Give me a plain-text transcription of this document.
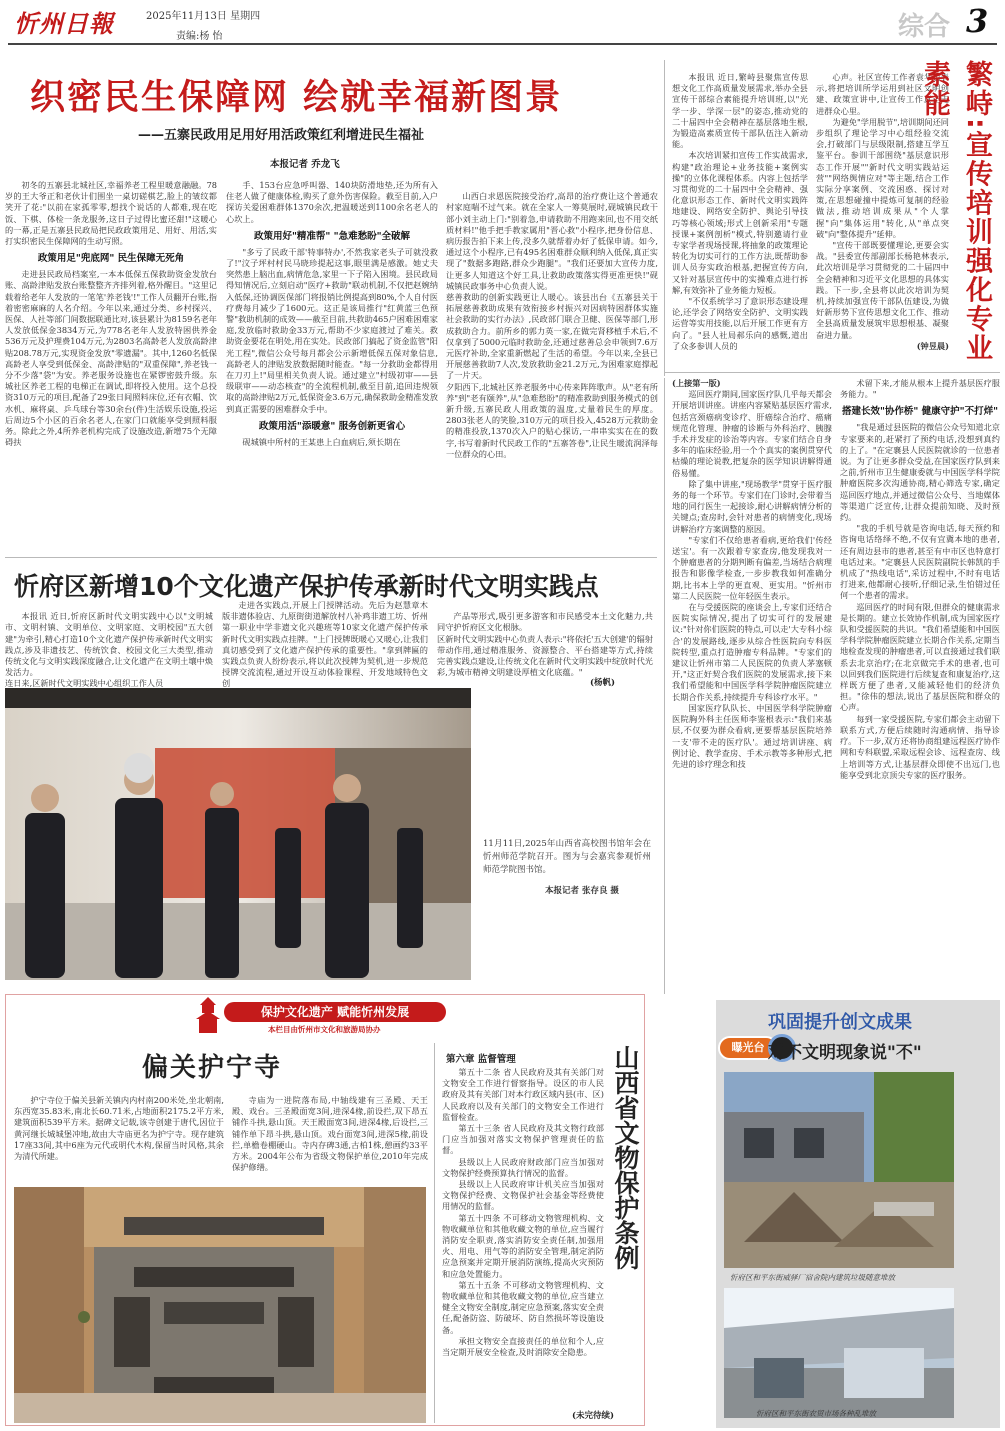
忻州日報	2025年11月13日 星期四
责编:杨 怡	综合 3
织密民生保障网 绘就幸福新图景
——五寨民政用足用好用活政策红利增进民生福祉
本报记者 乔龙飞

初冬的五寨县北城社区,幸福养老工程里暖意融融。78岁的王大爷正和老伙计们围坐一桌切磋棋艺,脸上的皱纹都笑开了花:"以前在家孤零零,想找个说话的人都难,现在吃饭、下棋、体检一条龙服务,这日子过得比蜜还甜!"这暖心的一幕,正是五寨县民政局把民政政策用足、用好、用活,实打实织密民生保障网的生动写照。

政策用足"兜底网" 民生保障无死角

走进县民政局档案室,一本本低保五保救助资金发放台账、高龄津贴发放台账整整齐齐排列着,格外醒目。"这里记载着给老年人发放的一笔笔'养老钱'!"工作人员翻开台账,指着密密麻麻的人名介绍。今年以来,通过分类、乡村探兴、医保、人社等部门间数据联通比对,该县累计为8159名老年人发放低保金3834万元,为778名老年人发放特困供养金536万元及护理费104万元,为2803名高龄老人发放高龄津贴208.78万元,实现资金发放"零遗漏"。其中,1260名低保高龄老人享受到低保金、高龄津贴的"双重保障",养老钱一分不少落"袋"为安。养老服务设施也在紧锣密鼓升级。东城社区养老工程的电梯正在调试,即将投入使用。这个总投资310万元的项目,配备了29张日间照料床位,还有衣帽、饮水机、麻将桌、乒乓球台等30余台(件)生活娱乐设施,投运后周边5个小区的百余名老人,在家门口就能享受到照料服务。除此之外,4所养老机构完成了设施改造,新增75个无障碍扶

手、153台应急呼叫器、140块防滑地垫,还为所有入住老人做了健康体检,购买了意外伤害保险。截至目前,入户探访关爱困难群体1370余次,把温暖送到1100余名老人的心坎上。

政策用好"精准帮" "急难愁盼"全破解

"多亏了民政干部'特事特办',不然我家老头子可就没救了!"汶子坪村村民马晓珍提起这事,眼里满是感激。她丈夫突然患上脑出血,病情危急,家里一下子陷入困境。县民政局得知情况后,立刻启动"医疗+救助"联动机制,不仅把赵婉纳入低保,还协调医保部门将报销比例提高到80%,个人自付医疗费每月减少了1600元。这正是该局推行"红黄蓝三色预警"救助机制的成效——截至目前,共救助465户困难困难家庭,发放临时救助金33万元,帮助不少家庭渡过了难关。救助资金要花在明处,用在实处。民政部门搞起了资金监管"阳光工程",微信公众号每月都会公示新增低保五保对象信息,高龄老人的津贴发放数据随时能查。"每一分救助金都得用在刀刃上!"局里相关负责人说。通过建立"村级初审——县级联审——动态核查"的全流程机制,截至目前,追回违规领取的高龄津贴2万元,低保资金3.6万元,确保救助金精准发放到真正需要的困难群众手中。

政策用活"添暖意" 服务创新更省心

砚城镇中所村的王某患上白血病后,须长期在

山西白求恩医院接受治疗,高昂的治疗费让这个普通农村家庭喘不过气来。就在全家人一筹莫展时,砚城镇民政干部小刘主动上门:"别着急,申请救助不用跑来回,也不用交纸质材料!"他手把手教家属用"晋心救"小程序,把身份信息、病历报告拍下来上传,没多久就帮着办好了低保申请。如今,通过这个小程序,已有495名困难群众顺利纳入低保,真正实现了"数据多跑路,群众少跑腿"。"我们还要加大宣传力度,让更多人知道这个好工具,让救助政策落实得更准更快!"砚城镇民政事务中心负责人说。
慈善救助的创新实践更让人暖心。该县出台《五寨县关于拓展慈善救助成果有效衔接乡村振兴对因病特困群体实施社会救助的实行办法》,民政部门联合卫健、医保等部门,形成救助合力。前所乡的郭力英一家,在做完肾移植手术后,不仅拿到了5000元临时救助金,还通过慈善总会申领到7.6万元医疗补助,全家重新燃起了生活的希望。今年以来,全县已开展慈善救助7人次,发放救助金21.2万元,为困难家庭撑起了一片天。
夕阳西下,北城社区养老服务中心传来阵阵歌声。从"老有所养"到"老有颐养",从"急难愁盼"的精准救助到服务模式的创新升级,五寨民政人用政策的温度,丈量着民生的厚度。2803张老人的笑脸,310万元的项目投入,4528万元救助金的精准投放,1370次入户的贴心探访,一串串实实在在的数字,书写着新时代民政工作的"五寨答卷",让民生暖流润泽每一位群众的心田。

本报讯 近日,繁峙县聚焦宣传思想文化工作高质量发展需求,举办全县宣传干部综合素能提升培训班,以"光学一步、学深一层"的姿态,推动党的二十届四中全会精神在基层落地生根,为锻造高素质宣传干部队伍注入新动能。

本次培训紧扣宣传工作实战需求,构建"政治理论+业务技能+案例实操"的立体化课程体系。内容上包括学习贯彻党的二十届四中全会精神、强化意识形态工作、新时代文明实践阵地建设、网络安全防护、舆论引导技巧等核心领域;形式上创新采用"专题授课+案例剖析"模式,特别邀请行业专家学者现场授课,将抽象的政策理论转化为切实可行的工作方法,既帮助参训人员夯实政治根基,把握宣传方向,又针对基层宣传中的实操难点进行拆解,有效弥补了业务能力短板。

"不仅系统学习了意识形态建设理论,还学会了网络安全防护、文明实践运营等实用技能,以后开展工作更有方向了。"县人社局郝乐向的感慨,道出了众多参训人员的

心声。社区宣传工作者袁华也表示,将把培训所学运用到社区文明创建、政策宣讲中,让宣传工作真正走进群众心里。

为避免"学用脱节",培训期间还同步组织了理论学习中心组经验交流会,打破部门与层级限制,搭建互学互鉴平台。参训干部围绕"基层意识形态工作开展""新时代文明实践站运营""网络舆情应对"等主题,结合工作实际分享案例、交流困惑、探讨对策,在思想碰撞中提炼可复制的经验做法,推动培训成果从"个人掌握"向"集体运用"转化,从"单点突破"向"整体提升"延伸。

"宣传干部既要懂理论,更要会实战。"县委宣传部副部长杨艳林表示,此次培训是学习贯彻党的二十届四中全会精神和习近平文化思想的具体实践。下一步,全县将以此次培训为契机,持续加强宣传干部队伍建设,为做好新形势下宣传思想文化工作、推动全县高质量发展筑牢思想根基、凝聚奋进力量。

(钟昱晨) 繁峙:宣传培训强化专业素能
忻府区新增10个文化遗产保护传承新时代文明实践点

本报讯 近日,忻府区新时代文明实践中心以"文明城市、文明村镇、文明单位、文明家庭、文明校园"五大创建"为牵引,精心打造10个文化遗产保护传承新时代文明实践点,涉及非遗技艺、传统饮食、校园文化三大类型,推动传统文化与文明实践深度融合,让文化遗产在文明土壤中焕发活力。
连日来,区新时代文明实践中心组织工作人员

走进各实践点,开展上门授牌活动。先后为赵慧章木版非遗体验店、九原街街道解放村八补鸡非遗工坊、忻州第一职业中学非遗文化兴趣班等10家文化遗产保护传承新时代文明实践点挂牌。"上门授牌既暖心又暖心,让我们真切感受到了文化遗产保护传承的重要性。"拿到牌匾的实践点负责人纷纷表示,将以此次授牌为契机,进一步规范授牌交流流程,通过开设互动体验课程、开发地域特色文创

产品等形式,吸引更多游客和市民感受本土文化魅力,共同守护忻府区文化根脉。
区新时代文明实践中心负责人表示:"将依托'五大创建'的辐射带动作用,通过精准服务、资源整合、平台搭建等方式,持续完善实践点建设,让传统文化在新时代文明实践中绽放时代光彩,为城市精神文明建设厚植文化底蕴。"

(杨帆)
11月11日,2025年山西省高校图书馆年会在忻州师范学院召开。图为与会嘉宾参观忻州师范学院图书馆。
本报记者 张存良 摄
(上接第一版)

巡回医疗期间,国家医疗队几乎每天都会开展培训讲座。讲座内容紧贴基层医疗需求,包括宫颈癌病变诊疗、肝癌综合治疗、癌痛规范化管理、肿瘤的诊断与外科治疗、胰腺手术并发症的诊治等内容。专家们结合自身多年的临床经验,用一个个真实的案例贯穿代枯燥的理论说教,把复杂的医学知识讲解得通俗易懂。

除了集中讲座,"现场教学"贯穿于医疗服务的每一个环节。专家们在门诊时,会带着当地的同行医生一起接诊,耐心讲解病情分析的关键点;查房时,会针对患者的病情变化,现场讲解治疗方案调整的原因。

"专家们不仅给患者看病,更给我们'传经送宝'。有一次跟着专家查房,他发现我对一个肿瘤患者的分期判断有偏差,当场结合病理报告和影像学检查,一步步教我如何准确分期,比书本上学的更直观、更实用。"忻州市第二人民医院一位年轻医生表示。

在与受援医院的座谈会上,专家们还结合医院实际情况,提出了切实可行的发展建议:"针对你们医院的特点,可以走'大专科小综合'的发展路线,逐步从综合性医院向专科医院转型,重点打造肿瘤专科品牌。"专家们的建议让忻州市第二人民医院的负责人茅塞顿开,"这正好契合我们医院的发展需求,接下来我们希望能和中国医学科学院肿瘤医院建立长期合作关系,持续提升专科诊疗水平。"

国家医疗队队长、中国医学科学院肿瘤医院胸外科主任医师李鉴根表示:"我们来基层,不仅要为群众看病,更要帮基层医院培养一支'带不走的医疗队'。通过培训讲座、病例讨论、教学查房、手术示教等多种形式,把先进的诊疗理念和技

术留下来,才能从根本上提升基层医疗服务能力。"

搭建长效"协作桥" 健康守护"不打烊"

"我是通过县医院的微信公众号知道北京专家要来的,赶紧打了预约电话,没想到真约的上了。"在定襄县人民医院就诊的一位患者说。为了让更多群众受益,在国家医疗队到来之前,忻州市卫生健康委就与中国医学科学院肿瘤医院多次沟通协商,精心筛选专家,确定巡回医疗地点,并通过微信公众号、当地媒体等渠道广泛宣传,让群众提前知晓、及时预约。

"我的手机号就是咨询电话,每天预约和咨询电话络绎不绝,不仅有宜冀本地的患者,还有周边县市的患者,甚至有中市区也特意打电话过来。"定襄县人民医院副院长韩凯的手机成了"热线电话",采访过程中,不时有电话打进来,他都耐心接听,仔细记录,生怕错过任何一个患者的需求。

巡回医疗的时间有限,但群众的健康需求是长期的。建立长效协作机制,成为国家医疗队和受援医院的共识。"我们希望能和中国医学科学院肿瘤医院建立长期合作关系,定期当地检查发现的肿瘤患者,可以直接通过我们联系去北京治疗;在北京做完手术的患者,也可以回到我们医院进行后续复查和康复治疗,这样既方便了患者,又能减轻他们的经济负担。"徐伟的想法,说出了基层医院和群众的心声。

每到一家受援医院,专家们都会主动留下联系方式,方便后续随时沟通病情、指导诊疗。下一步,双方还将协商组建远程医疗协作网和专科联盟,采取远程会诊、远程查房、线上培训等方式,让基层群众即使不出远门,也能享受到北京顶尖专家的医疗服务。

巩固提升创文成果
曝光台 对不文明现象说"不"
忻府区和平东街威驿厂宿舍院内建筑垃圾随意堆放
忻府区和平东街农贸市场各种乱堆放
保护文化遗产 赋能忻州发展
本栏目由忻州市文化和旅游局协办
偏关护宁寺

护宁寺位于偏关县新关镇内内村南200米处,坐北朝南,东西宽35.83米,南北长60.71米,占地面积2175.2平方米,建筑面积539平方米。据碑文记载,该寺创建于唐代,因位于黄河继长城城堡冲地,故由大寺庙更名为护宁寺。现存建筑17座33间,其中6座为元代或明代木构,保留当时风格,其余为清代所建。

寺庙为一进院落布局,中轴线建有三圣殿、天王殿、戏台。三圣殿面宽3间,进深4椽,前设拦,双下昂五铺作斗拱,悬山顶。天王殿面宽3间,进深4椽,后设拦,三铺作单下昂斗拱,悬山顶。戏台面宽3间,进深5椽,前设拦,单檐卷棚硬山。寺内存碑3通,古柏1株,憩画约33平方米。2004年公布为省级文物保护单位,2010年完成保护修缮。

第六章 监督管理

第五十二条 省人民政府及其有关部门对文物安全工作进行督察指导。设区的市人民政府及其有关部门对本行政区域内县(市、区)人民政府以及有关部门的文物安全工作进行监督检查。

第五十三条 省人民政府及其文物行政部门应当加强对落实文物保护管理责任的监督。

县级以上人民政府财政部门应当加强对文物保护经费预算执行情况的监督。

县级以上人民政府审计机关应当加强对文物保护经费、文物保护社会基金等经费使用情况的监督。

第五十四条 不可移动文物管理机构、文物收藏单位和其他收藏文物的单位,应当履行消防安全职责,落实消防安全责任制,加强用火、用电、用气等的消防安全管理,制定消防应急预案并定期开展消防演练,提高火灾预防和应急处置能力。

第五十五条 不可移动文物管理机构、文物收藏单位和其他收藏文物的单位,应当建立健全文物安全制度,制定应急预案,落实安全责任,配备防盗、防破坏、防自然损坏等设施设备。

承担文物安全直接责任的单位和个人,应当定期开展安全检查,及时消除安全隐患。

(未完待续)
山西省文物保护条例
